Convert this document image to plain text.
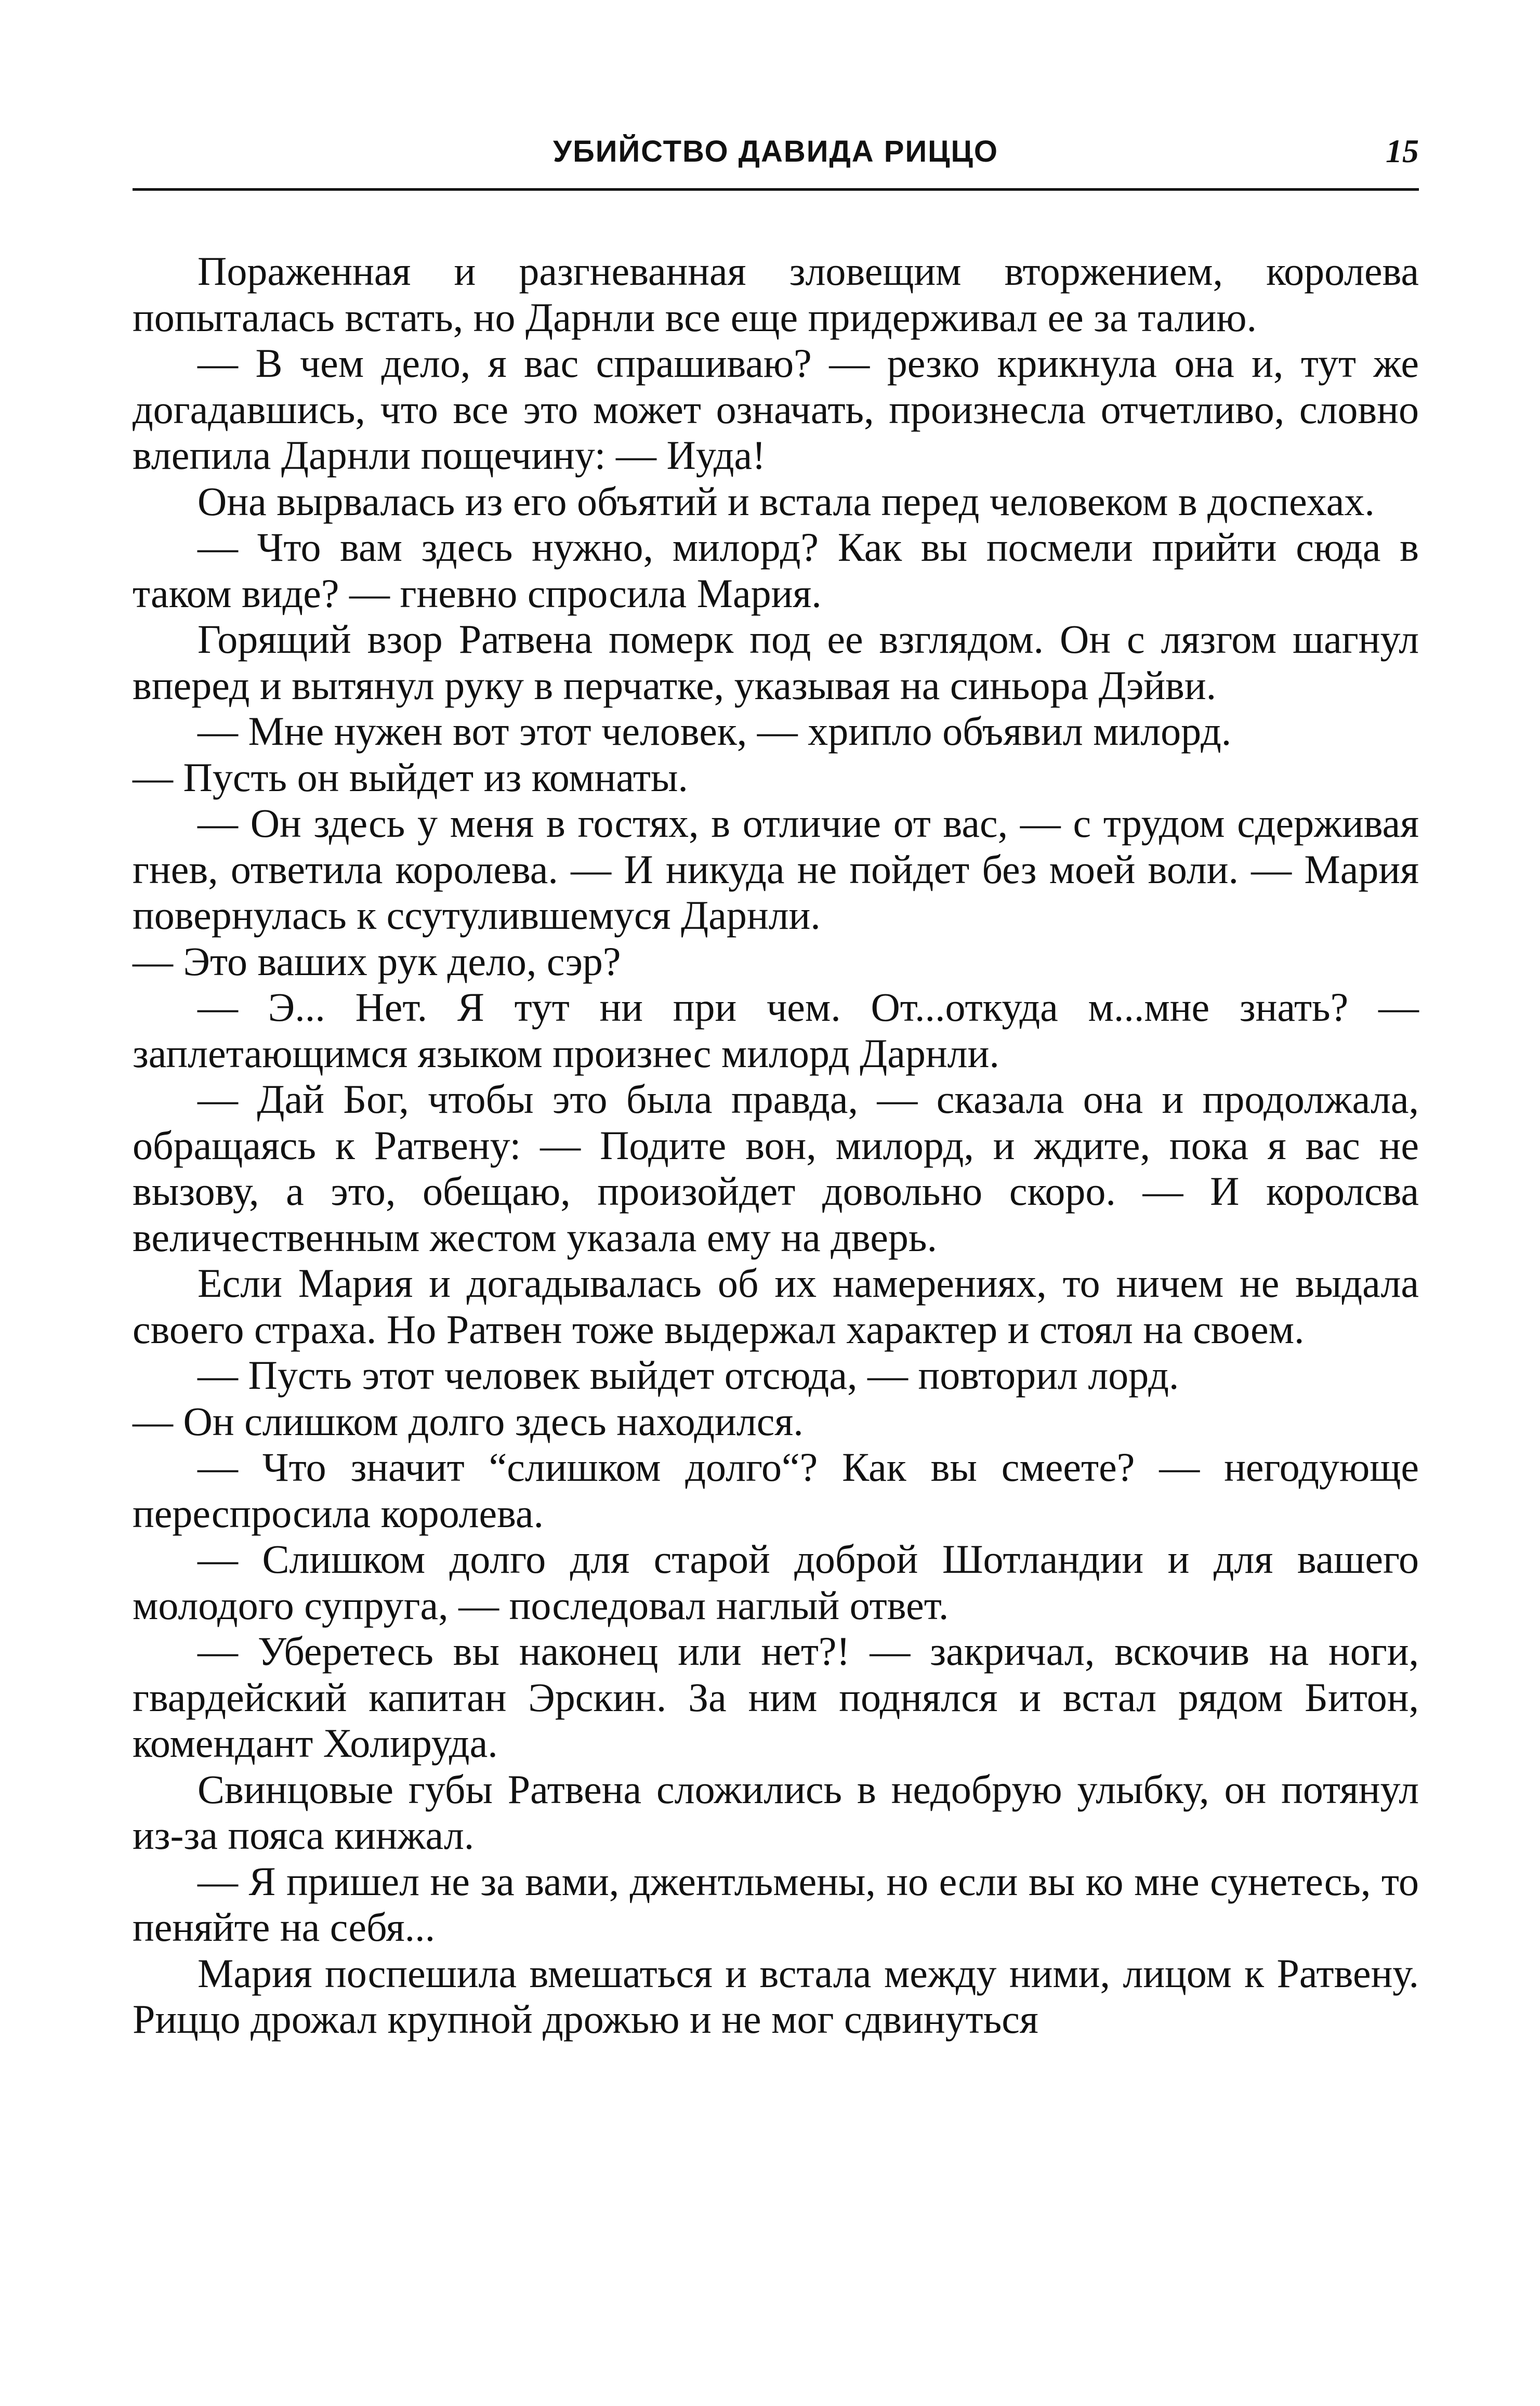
УБИЙСТВО ДАВИДА РИЦЦО	15

Пораженная и разгневанная зловещим вторжением, королева попыталась встать, но Дарнли все еще придерживал ее за талию.

— В чем дело, я вас спрашиваю? — резко крикнула она и, тут же догадавшись, что все это может означать, произнесла отчетливо, словно влепила Дарнли пощечину: — Иуда!

Она вырвалась из его объятий и встала перед человеком в доспехах.

— Что вам здесь нужно, милорд? Как вы посмели прийти сюда в таком виде? — гневно спросила Мария.

Горящий взор Ратвена померк под ее взглядом. Он с лязгом шагнул вперед и вытянул руку в перчатке, указывая на синьора Дэйви.

— Мне нужен вот этот человек, — хрипло объявил милорд.

— Пусть он выйдет из комнаты.

— Он здесь у меня в гостях, в отличие от вас, — с трудом сдерживая гнев, ответила королева. — И никуда не пойдет без моей воли. — Мария повернулась к ссутулившемуся Дарнли.

— Это ваших рук дело, сэр?

— Э... Нет. Я тут ни при чем. От...откуда м...мне знать? — заплетающимся языком произнес милорд Дарнли.

— Дай Бог, чтобы это была правда, — сказала она и продолжала, обращаясь к Ратвену: — Подите вон, милорд, и ждите, пока я вас не вызову, а это, обещаю, произойдет довольно скоро. — И королсва величественным жестом указала ему на дверь.

Если Мария и догадывалась об их намерениях, то ничем не выдала своего страха. Но Ратвен тоже выдержал характер и стоял на своем.

— Пусть этот человек выйдет отсюда, — повторил лорд.

— Он слишком долго здесь находился.

— Что значит “слишком долго“? Как вы смеете? — негодующе переспросила королева.

— Слишком долго для старой доброй Шотландии и для вашего молодого супруга, — последовал наглый ответ.

— Уберетесь вы наконец или нет?! — закричал, вскочив на ноги, гвардейский капитан Эрскин. За ним поднялся и встал рядом Битон, комендант Холируда.

Свинцовые губы Ратвена сложились в недобрую улыбку, он потянул из-за пояса кинжал.

— Я пришел не за вами, джентльмены, но если вы ко мне сунетесь, то пеняйте на себя...

Мария поспешила вмешаться и встала между ними, лицом к Ратвену. Риццо дрожал крупной дрожью и не мог сдвинуться
